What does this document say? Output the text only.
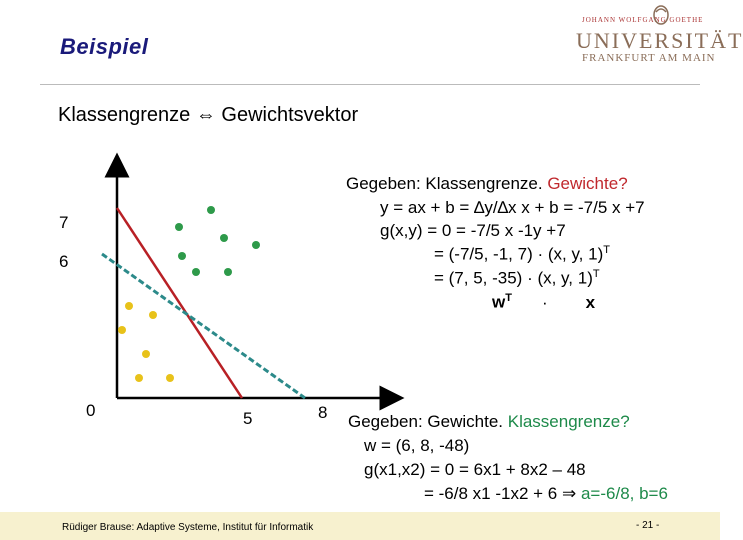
Beispiel
JOHANN WOLFGANG GOETHE
UNIVERSITÄT
FRANKFURT AM MAIN
Klassengrenze ⇔ Gewichtsvektor
7
6
0	5	8
Gegeben: Klassengrenze. Gewichte?
y = ax + b = ∆y/∆x x + b = -7/5 x +7
g(x,y) = 0 = -7/5 x -1y +7
= (-7/5, -1, 7) · (x, y, 1)$^T$
= (7, 5, -35) · (x, y, 1)$^T$
$w^T \cdot x$
Gegeben: Gewichte. Klassengrenze?
w = (6, 8, -48)
g(x1,x2) = 0 = 6x1 + 8x2 – 48
= -6/8 x1 -1x2 + 6 ⇒ a=-6/8, b=6
Rüdiger Brause: Adaptive Systeme, Institut für Informatik	- 21 -
